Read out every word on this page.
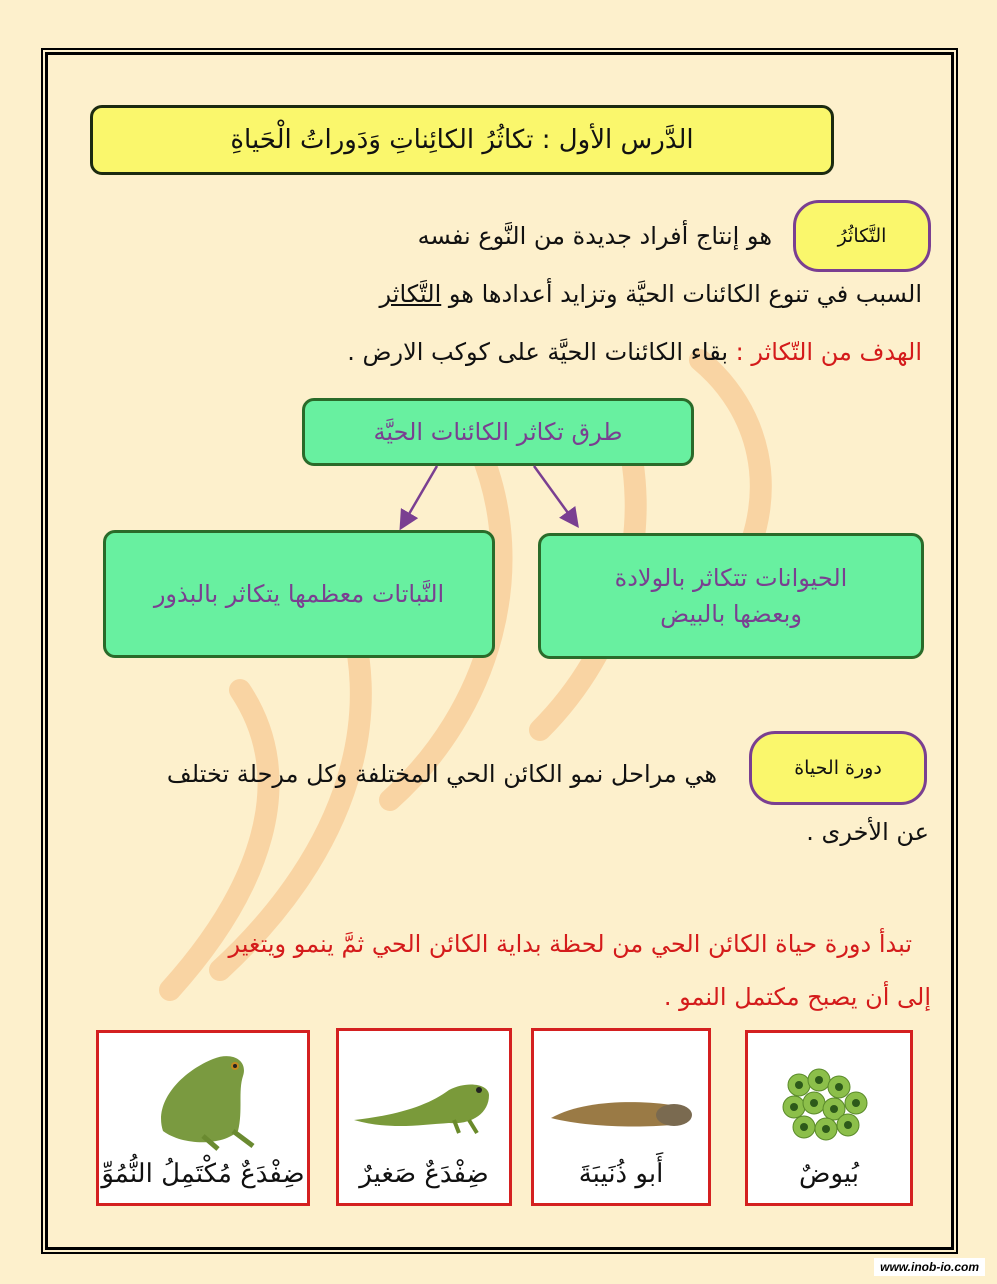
الدَّرس الأول : تكاثُرُ الكائِناتِ وَدَوراتُ الْحَياةِ
التَّكاثُرُ
هو إنتاج أفراد جديدة من النَّوع نفسه
السبب في تنوع الكائنات الحيَّة وتزايد أعدادها هو التَّكاثر
الهدف من التّكاثر : بقاء الكائنات الحيَّة على كوكب الارض .
طرق تكاثر الكائنات الحيَّة
النَّباتات معظمها يتكاثر بالبذور
الحيوانات تتكاثر بالولادة وبعضها بالبيض
دورة الحياة
هي مراحل نمو الكائن الحي المختلفة وكل مرحلة تختلف
عن الأخرى .
تبدأ دورة حياة الكائن الحي من لحظة بداية الكائن الحي ثمَّ ينمو ويتغير
إلى أن يصبح مكتمل النمو .
بُيوضٌ
أَبو ذُنَيبَةَ
ضِفْدَعٌ صَغيرٌ
ضِفْدَعٌ مُكْتَمِلُ النُّمُوِّ
www.inob-io.com
